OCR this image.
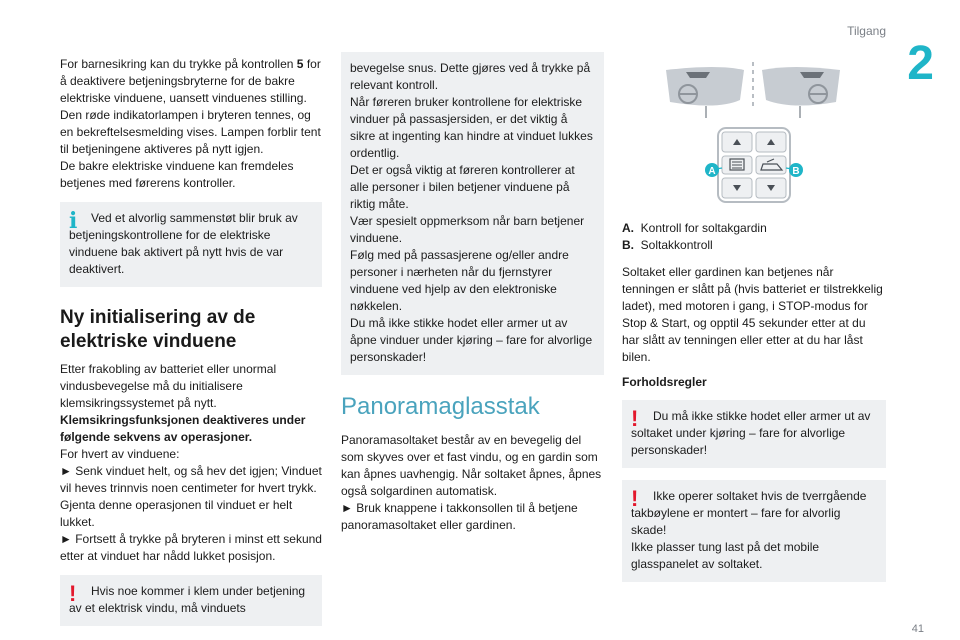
Tilgang
2

For barnesikring kan du trykke på kontrollen 5 for å deaktivere betjeningsbryterne for de bakre elektriske vinduene, uansett vinduenes stilling.

Den røde indikatorlampen i bryteren tennes, og en bekreftelsesmelding vises. Lampen forblir tent til betjeningene aktiveres på nytt igjen.

De bakre elektriske vinduene kan fremdeles betjenes med førerens kontroller.

i	Ved et alvorlig sammenstøt blir bruk av betjeningskontrollene for de elektriske vinduene bak aktivert på nytt hvis de var deaktivert.

Ny initialisering av de elektriske vinduene

Etter frakobling av batteriet eller unormal vindusbevegelse må du initialisere klemsikringssystemet på nytt.

Klemsikringsfunksjonen deaktiveres under følgende sekvens av operasjoner.

For hvert av vinduene:

► Senk vinduet helt, og så hev det igjen; Vinduet vil heves trinnvis noen centimeter for hvert trykk. Gjenta denne operasjonen til vinduet er helt lukket.

► Fortsett å trykke på bryteren i minst ett sekund etter at vinduet har nådd lukket posisjon.

!	Hvis noe kommer i klem under betjening av et elektrisk vindu, må vinduets

bevegelse snus. Dette gjøres ved å trykke på relevant kontroll.

Når føreren bruker kontrollene for elektriske vinduer på passasjersiden, er det viktig å sikre at ingenting kan hindre at vinduet lukkes ordentlig.

Det er også viktig at føreren kontrollerer at alle personer i bilen betjener vinduene på riktig måte.

Vær spesielt oppmerksom når barn betjener vinduene.

Følg med på passasjerene og/eller andre personer i nærheten når du fjernstyrer vinduene ved hjelp av den elektroniske nøkkelen.

Du må ikke stikke hodet eller armer ut av åpne vinduer under kjøring – fare for alvorlige personskader!

Panoramaglasstak

Panoramasoltaket består av en bevegelig del som skyves over et fast vindu, og en gardin som kan åpnes uavhengig. Når soltaket åpnes, åpnes også solgardinen automatisk.

► Bruk knappene i takkonsollen til å betjene panoramasoltaket eller gardinen.

A	B

A. Kontroll for soltakgardin

B. Soltakkontroll

Soltaket eller gardinen kan betjenes når tenningen er slått på (hvis batteriet er tilstrekkelig ladet), med motoren i gang, i STOP-modus for Stop & Start, og opptil 45 sekunder etter at du har slått av tenningen eller etter at du har låst bilen.

Forholdsregler

!	Du må ikke stikke hodet eller armer ut av soltaket under kjøring – fare for alvorlige personskader!
!	Ikke operer soltaket hvis de tverrgående takbøylene er montert – fare for alvorlig skade!
Ikke plasser tung last på det mobile glasspanelet av soltaket.
41
